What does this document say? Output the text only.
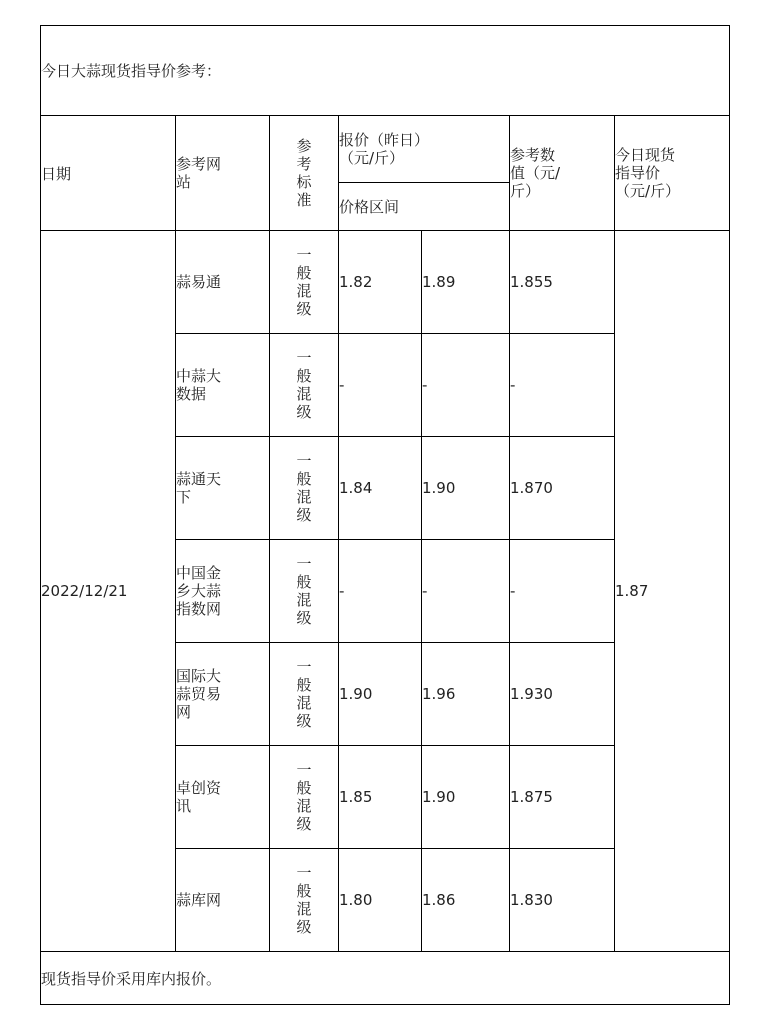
今日大蒜现货指导价参考：						
日期	参考网站	参考标准	报价（昨日）（元/斤）		参考数值（元/斤）	今日现货指导价（元/斤）

			价格区间			
2022/12/21	蒜易通	一般混级	1.82	1.89	1.855	1.87

	中蒜大数据	一般混级	-	-	-	

	蒜通天下	一般混级	1.84	1.90	1.870	

	中国金乡大蒜指数网	一般混级	-	-	-	

	国际大蒜贸易网	一般混级	1.90	1.96	1.930	

	卓创资讯	一般混级	1.85	1.90	1.875	

	蒜库网	一般混级	1.80	1.86	1.830	
现货指导价采用库内报价。						
